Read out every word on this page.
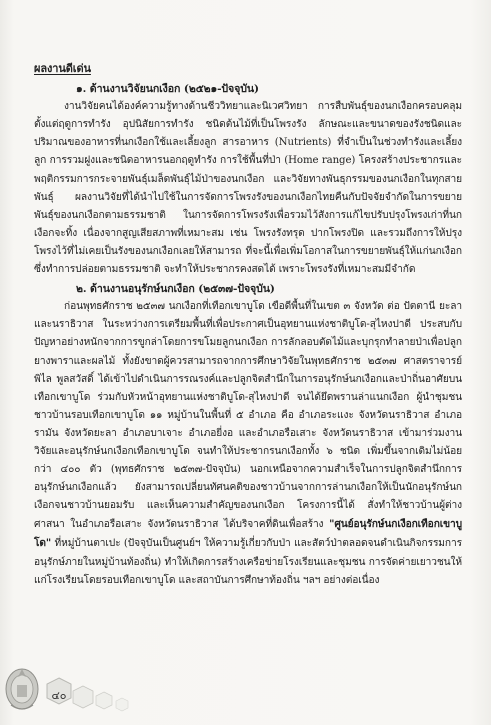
ผลงานดีเด่น
๑. ด้านงานวิจัยนกเงือก (๒๕๒๑-ปัจจุบัน)

งานวิจัยคนได้องค์ความรู้ทางด้านชีววิทยาและนิเวศวิทยา การสืบพันธุ์ของนกเงือกครอบคลุมตั้งแต่ฤดูการทำรัง อุปนิสัยการทำรัง ชนิดต้นไม้ที่เป็นโพรงรัง ลักษณะและขนาดของรังชนิดและปริมาณของอาหารที่นกเงือกใช้และเลี้ยงลูก สารอาหาร (Nutrients) ที่จำเป็นในช่วงทำรังและเลี้ยงลูก การรวมฝูงและชนิดอาหารนอกฤดูทำรัง การใช้พื้นที่ป่า (Home range) โครงสร้างประชากรและพฤติกรรมการกระจายพันธุ์เมล็ดพันธุ์ไม้ป่าของนกเงือก และวิจัยทางพันธุกรรมของนกเงือกในทุกสายพันธุ์ ผลงานวิจัยที่ได้นำไปใช้ในการจัดการโพรงรังของนกเงือกไทยคืนกับปัจจัยจำกัดในการขยายพันธุ์ของนกเงือกตามธรรมชาติ ในการจัดการโพรงรังเพื่อรวมไว้สังการแก้ไขปรับปรุงโพรงเก่าที่นกเงือกจะทิ้ง เนื่องจากสูญเสียสภาพที่เหมาะสม เช่น โพรงรังทรุด ปากโพรงปิด และรวมถึงการให้ปรุงโพรงไว้ที่ไม่เคยเป็นรังของนกเงือกเลยให้สามารถ ที่จะนี้เพื่อเพิ่มโอกาสในการขยายพันธุ์ให้แก่นกเงือก ซึ่งทำการปล่อยตามธรรมชาติ จะทำให้ประชากรคงสดได้ เพราะโพรงรังที่เหมาะสมมีจำกัด

๒. ด้านงานอนุรักษ์นกเงือก (๒๕๓๗-ปัจจุบัน)

ก่อนพุทธศักราช ๒๕๓๗ นกเงือกที่เทือกเขาบูโด เขือดีพื้นที่ในเขต ๓ จังหวัด ต่อ ปัตตานี ยะลา และนราธิวาส ในระหว่างการเตรียมพื้นที่เพื่อประกาศเป็นอุทยานแห่งชาติบูโด-สุไหงปาดี ประสบกับปัญหาอย่างหนักจากการขูกล่าโดยการขโมยลูกนกเงือก การลักลอบตัดไม้และบุกรุกทำลายป่าเพื่อปลูกยางพาราและผลไม้ ทั้งยังขาดผู้ควรสามารถจากการศึกษาวิจัยในพุทธศักราช ๒๕๓๗ ศาสตราจารย์ พิไล พูลสวัสดิ์ ได้เข้าไปดำเนินการรณรงค์และปลูกจิตสำนึกในการอนุรักษ์นกเงือกและป่าถิ่นอาศัยบนเทือกเขาบูโด ร่วมกับหัวหน้าอุทยานแห่งชาติบูโด-สุไหงปาดี จนได้ยึดพรานล่าแนกเงือก ผู้นำชุมชน ชาวบ้านรอบเทือกเขาบูโด ๑๑ หมู่บ้านในพื้นที่ ๕ อำเภอ คือ อำเภอระแงะ จังหวัดนราธิวาส อำเภอรามัน จังหวัดยะลา อำเภอบาเจาะ อำเภอยี่งอ และอำเภอรือเสาะ จังหวัดนราธิวาส เข้ามาร่วมงานวิจัยและอนุรักษ์นกเงือกเทือกเขาบูโด จนทำให้ประชากรนกเงือกทั้ง ๖ ชนิด เพิ่มขึ้นจากเดิมไม่น้อยกว่า ๔๐๐ ตัว (พุทธศักราช ๒๕๓๗-ปัจจุบัน) นอกเหนือจากความสำเร็จในการปลูกจิตสำนึกการอนุรักษ์นกเงือกแล้ว ยังสามารถเปลี่ยนทัศนคติของชาวบ้านจากการล่านกเงือกให้เป็นนักอนุรักษ์นกเงือกจนชาวบ้านยอมรับ และเห็นความสำคัญของนกเงือก โครงการนี้ได้ สั่งทำให้ชาวบ้านผู้ต่างศาสนา ในอำเภอรือเสาะ จังหวัดนราธิวาส ได้บริจาคที่ดินเพื่อสร้าง "ศูนย์อนุรักษ์นกเงือกเทือกเขาบูโด" ที่หมู่บ้านตาเปะ (ปัจจุบันเป็นศูนย์ฯ ให้ความรู้เกี่ยวกับป่า และสัตว์ป่าตลอดจนดำเนินกิจกรรมการอนุรักษ์ภายในหมู่บ้านท้องถิ่น) ทำให้เกิดการสร้างเครือข่ายโรงเรียนและชุมชน การจัดค่ายเยาวชนให้แก่โรงเรียนโดยรอบเทือกเขาบูโด และสถาบันการศึกษาท้องถิ่น ฯลฯ อย่างต่อเนื่อง

๔๐
